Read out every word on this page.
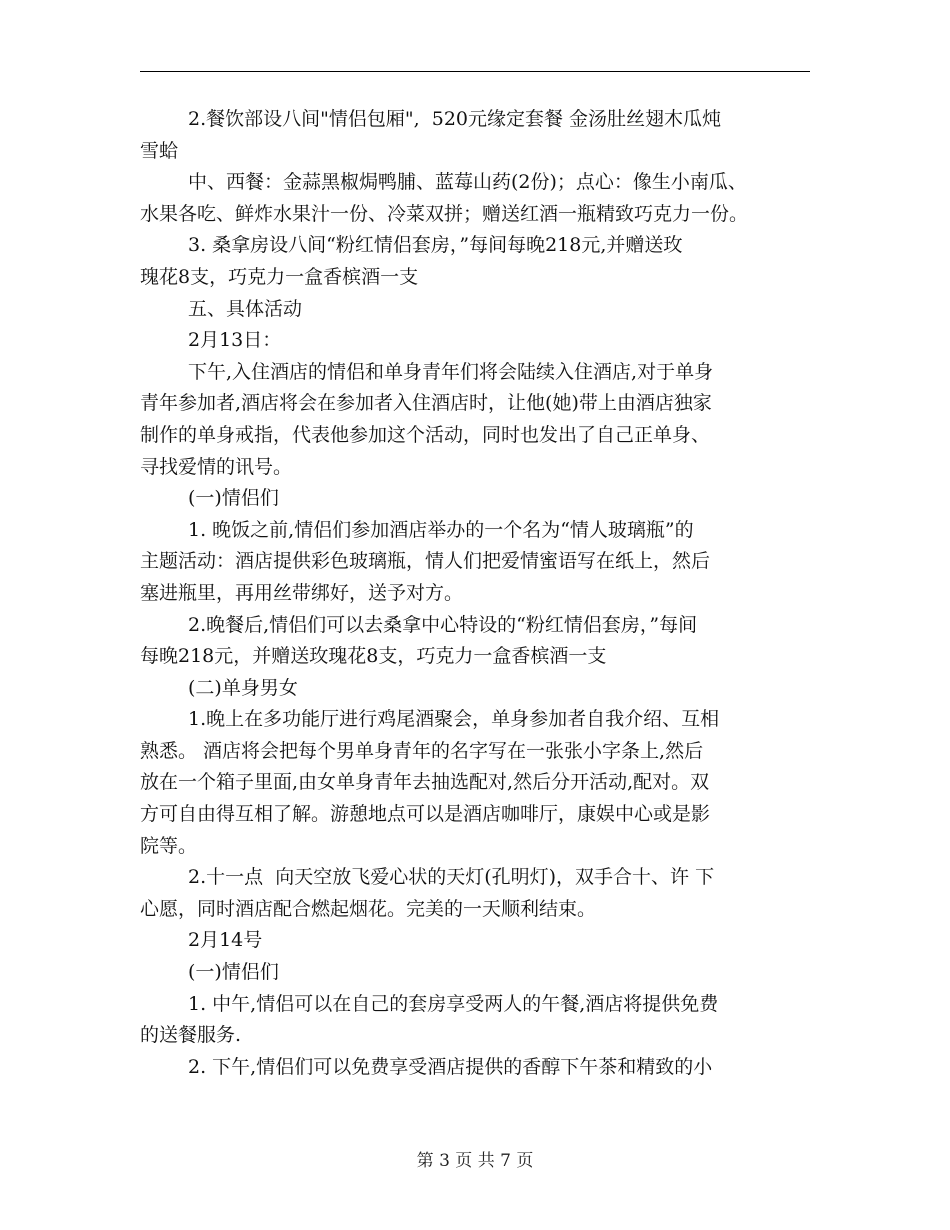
2.餐饮部设八间"情侣包厢",  520元缘定套餐 金汤肚丝翅木瓜炖

雪蛤

中、西餐：金蒜黑椒焗鸭脯、蓝莓山药(2份)；点心：像生小南瓜、

水果各吃、鲜炸水果汁一份、冷菜双拼；赠送红酒一瓶精致巧克力一份。

3. 桑拿房设八间“粉红情侣套房，”每间每晚218元,并赠送玫

瑰花8支，巧克力一盒香槟酒一支

五、具体活动

2月13日：

下午,入住酒店的情侣和单身青年们将会陆续入住酒店,对于单身

青年参加者,酒店将会在参加者入住酒店时，让他(她)带上由酒店独家

制作的单身戒指，代表他参加这个活动，同时也发出了自己正单身、

寻找爱情的讯号。

(一)情侣们

1. 晚饭之前,情侣们参加酒店举办的一个名为“情人玻璃瓶”的

主题活动：酒店提供彩色玻璃瓶，情人们把爱情蜜语写在纸上，然后

塞进瓶里，再用丝带绑好，送予对方。

2.晚餐后,情侣们可以去桑拿中心特设的“粉红情侣套房，”每间

每晚218元，并赠送玫瑰花8支，巧克力一盒香槟酒一支

(二)单身男女

1.晚上在多功能厅进行鸡尾酒聚会，单身参加者自我介绍、互相

熟悉。 酒店将会把每个男单身青年的名字写在一张张小字条上,然后

放在一个箱子里面,由女单身青年去抽选配对,然后分开活动,配对。双

方可自由得互相了解。游憩地点可以是酒店咖啡厅，康娱中心或是影

院等。

2.十一点  向天空放飞爱心状的天灯(孔明灯)，双手合十、许 下

心愿，同时酒店配合燃起烟花。完美的一天顺利结束。

2月14号

(一)情侣们

1. 中午,情侣可以在自己的套房享受两人的午餐,酒店将提供免费

的送餐服务.

2. 下午,情侣们可以免费享受酒店提供的香醇下午茶和精致的小

第 3 页 共 7 页
